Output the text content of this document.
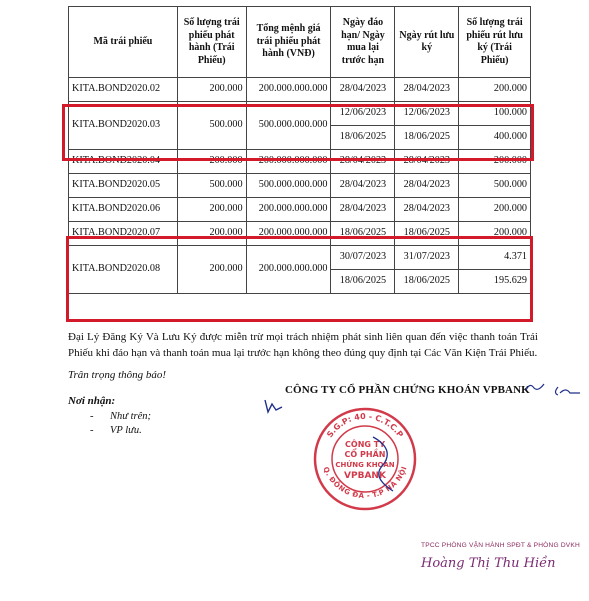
Mã trái phiếu	Số lượng trái phiếu phát hành (Trái Phiếu)	Tổng mệnh giá trái phiếu phát hành (VNĐ)	Ngày đáo hạn/ Ngày mua lại trước hạn	Ngày rút lưu ký	Số lượng trái phiếu rút lưu ký (Trái Phiếu)
KITA.BOND2020.02	200.000	200.000.000.000	28/04/2023	28/04/2023	200.000
KITA.BOND2020.03	500.000	500.000.000.000	12/06/2023	12/06/2023	100.000
			18/06/2025	18/06/2025	400.000
KITA.BOND2020.04	200.000	200.000.000.000	28/04/2023	28/04/2023	200.000
KITA.BOND2020.05	500.000	500.000.000.000	28/04/2023	28/04/2023	500.000
KITA.BOND2020.06	200.000	200.000.000.000	28/04/2023	28/04/2023	200.000
KITA.BOND2020.07	200.000	200.000.000.000	18/06/2025	18/06/2025	200.000
KITA.BOND2020.08	200.000	200.000.000.000	30/07/2023	31/07/2023	4.371
			18/06/2025	18/06/2025	195.629
Đại Lý Đăng Ký Và Lưu Ký được miễn trừ mọi trách nhiệm phát sinh liên quan đến việc thanh toán Trái Phiếu khi đáo hạn và thanh toán mua lại trước hạn không theo đúng quy định tại Các Văn Kiện Trái Phiếu.
Trân trọng thông báo!
CÔNG TY CỔ PHẦN CHỨNG KHOÁN VPBANK
Nơi nhận:
- Như trên;
- VP lưu.	S.G.P: 40 - C.T.C.P
Q. ĐỐNG ĐA - T.P HÀ NỘI
CÔNG TY
CỔ PHẦN
CHỨNG KHOÁN
VPBANK
TPCC PHÒNG VẬN HÀNH SPĐT & PHÒNG DVKH
Hoàng Thị Thu Hiền
